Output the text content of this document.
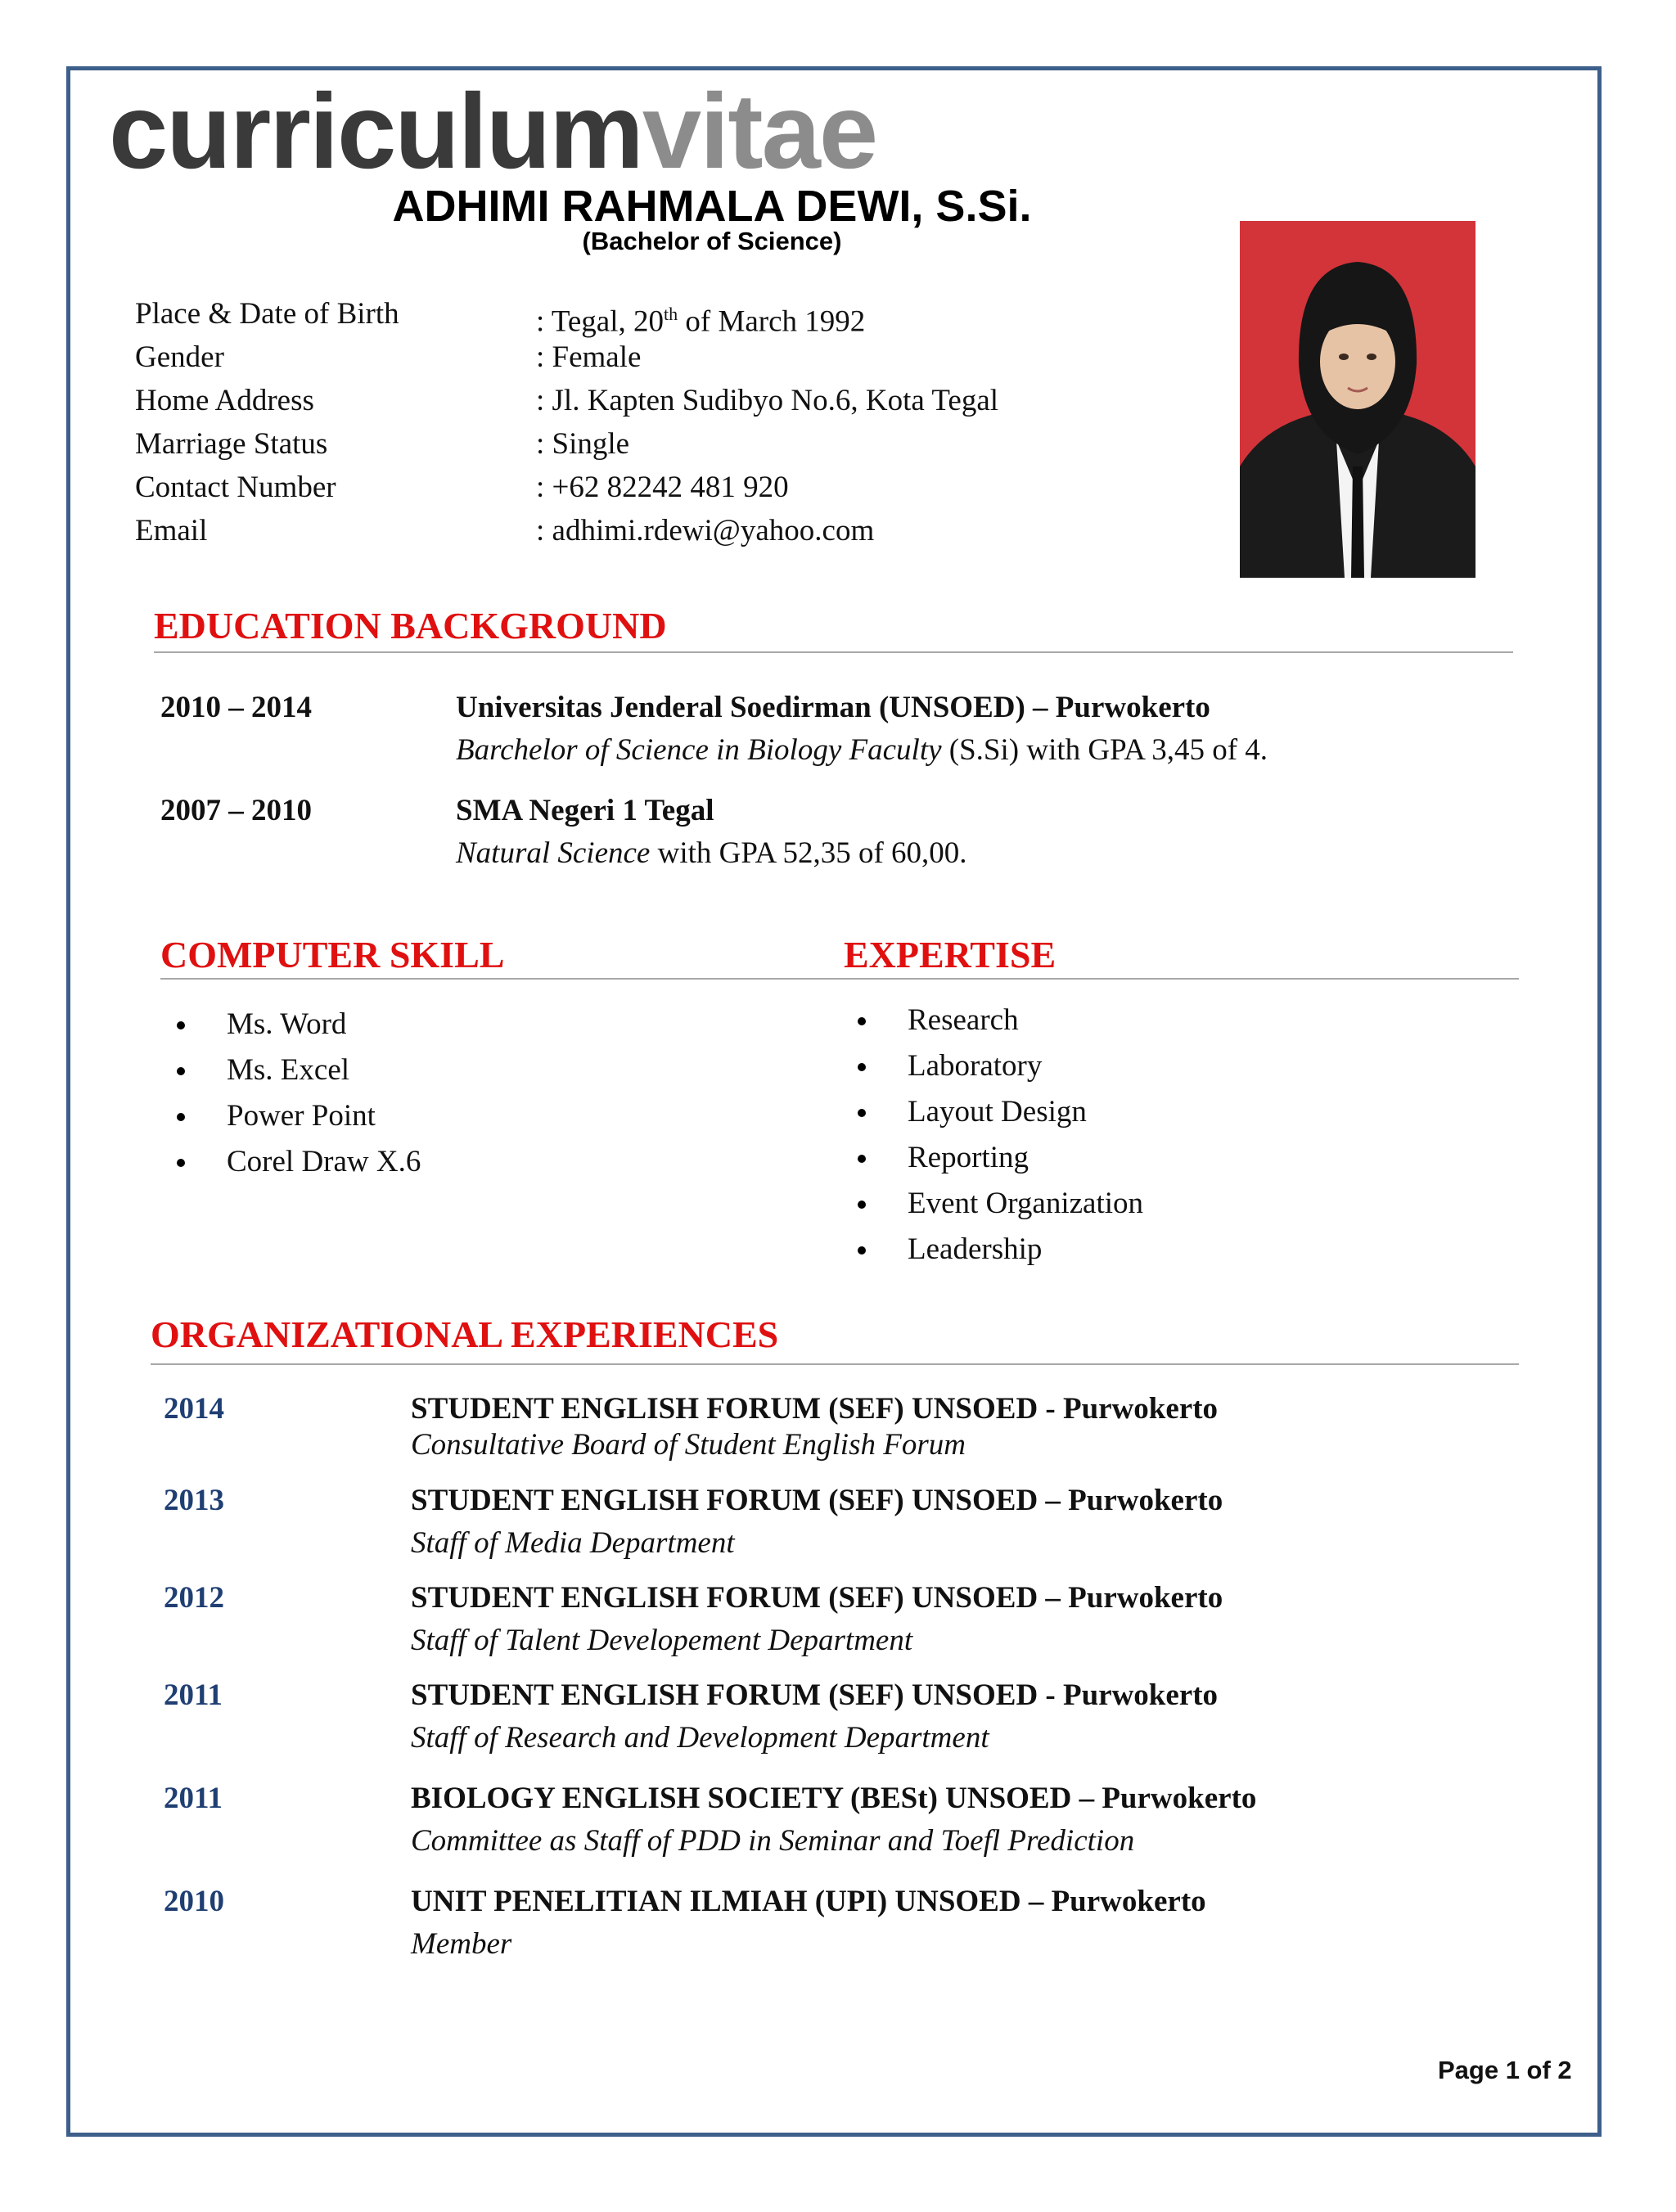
curriculumvitae
ADHIMI RAHMALA DEWI, S.Si.
(Bachelor of Science)
Place & Date of Birth	: Tegal, 20th of March 1992
Gender	: Female
Home Address	: Jl. Kapten Sudibyo No.6, Kota Tegal
Marriage Status	: Single
Contact Number	: +62 82242 481 920
Email	: adhimi.rdewi@yahoo.com
EDUCATION BACKGROUND
2010 – 2014	Universitas Jenderal Soedirman (UNSOED) – Purwokerto
Barchelor of Science in Biology Faculty (S.Si) with GPA 3,45 of 4.
2007 – 2010	SMA Negeri 1 Tegal
Natural Science with GPA 52,35 of 60,00.
COMPUTER SKILL	EXPERTISE
Ms. Word
Ms. Excel
Power Point
Corel Draw X.6
Research
Laboratory
Layout Design
Reporting
Event Organization
Leadership
ORGANIZATIONAL EXPERIENCES
2014	STUDENT ENGLISH FORUM (SEF) UNSOED - Purwokerto
Consultative Board of Student English Forum
2013	STUDENT ENGLISH FORUM (SEF) UNSOED – Purwokerto
Staff of Media Department
2012	STUDENT ENGLISH FORUM (SEF) UNSOED – Purwokerto
Staff of Talent Developement Department
2011	STUDENT ENGLISH FORUM (SEF) UNSOED - Purwokerto
Staff of Research and Development Department
2011	BIOLOGY ENGLISH SOCIETY (BESt) UNSOED – Purwokerto
Committee as Staff of PDD in Seminar and Toefl Prediction
2010	UNIT PENELITIAN ILMIAH (UPI) UNSOED – Purwokerto
Member
Page 1 of 2
